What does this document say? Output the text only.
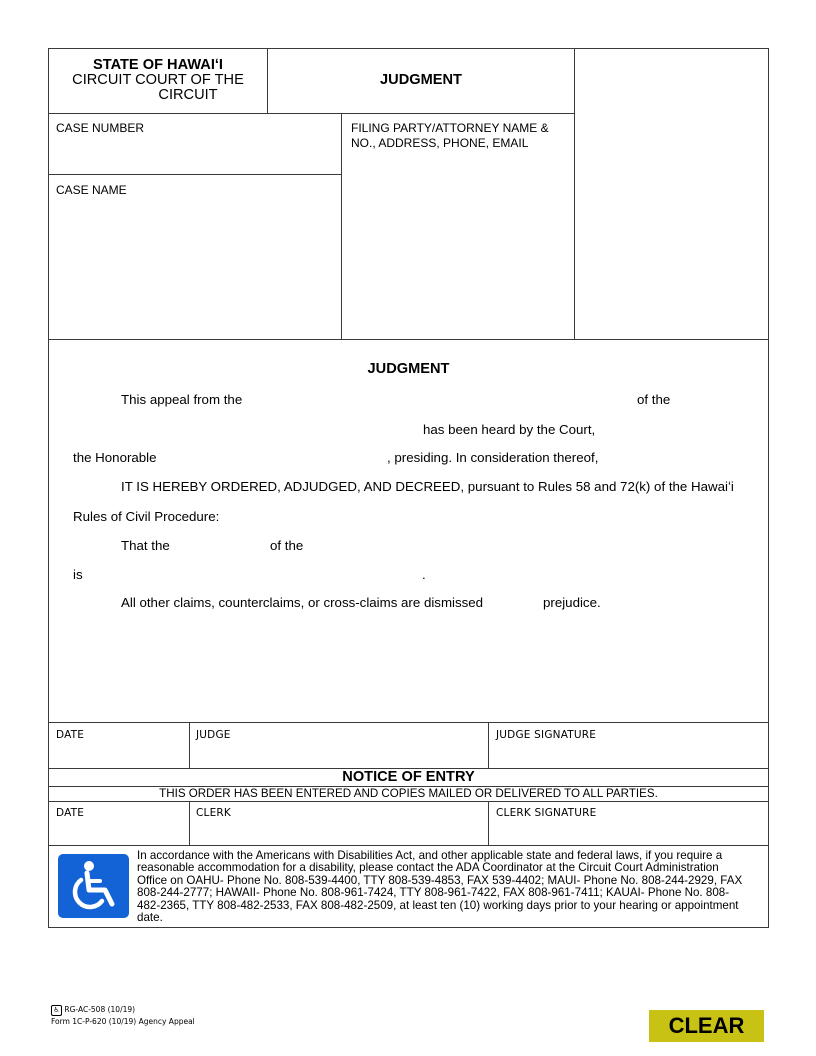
STATE OF HAWAIʻI
CIRCUIT COURT OF THE
CIRCUIT
JUDGMENT
CASE NUMBER	FILING PARTY/ATTORNEY NAME &
NO., ADDRESS, PHONE, EMAIL
CASE NAME
JUDGMENT
This appeal from the	of the
has been heard by the Court,
the Honorable	, presiding. In consideration thereof,
IT IS HEREBY ORDERED, ADJUDGED, AND DECREED, pursuant to Rules 58 and 72(k) of the Hawaiʻi
Rules of Civil Procedure:
That the	of the
is	.
All other claims, counterclaims, or cross-claims are dismissed	prejudice.
DATE	JUDGE	JUDGE SIGNATURE
NOTICE OF ENTRY
THIS ORDER HAS BEEN ENTERED AND COPIES MAILED OR DELIVERED TO ALL PARTIES.
DATE	CLERK	CLERK SIGNATURE
In accordance with the Americans with Disabilities Act, and other applicable state and federal laws, if you require a reasonable accommodation for a disability, please contact the ADA Coordinator at the Circuit Court Administration Office on OAHU- Phone No. 808-539-4400, TTY 808-539-4853, FAX 539-4402; MAUI- Phone No. 808-244-2929, FAX 808-244-2777; HAWAII- Phone No. 808-961-7424, TTY 808-961-7422, FAX 808-961-7411; KAUAI- Phone No. 808-482-2365, TTY 808-482-2533, FAX 808-482-2509, at least ten (10) working days prior to your hearing or appointment date.
♿ RG-AC-508 (10/19)
Form 1C-P-620 (10/19) Agency Appeal	CLEAR
